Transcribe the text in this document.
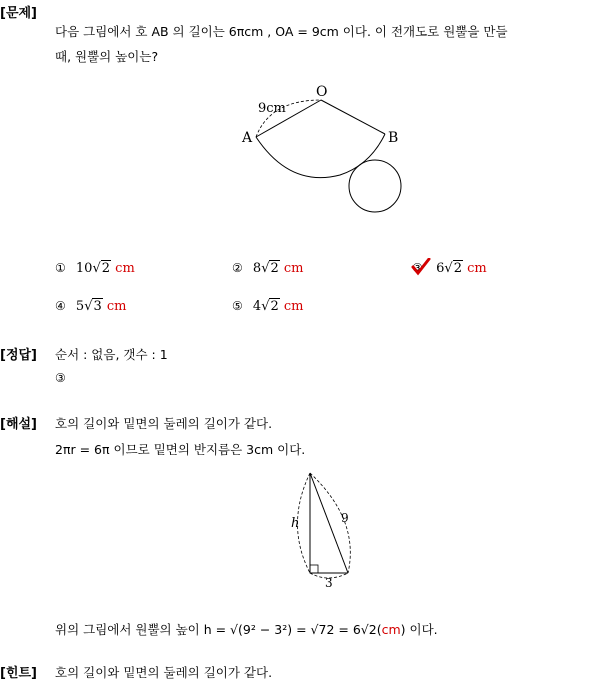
[문제]
다음 그림에서 호 AB 의 길이는 6πcm , OA = 9cm 이다. 이 전개도로 원뿔을 만들
때, 원뿔의 높이는?
O
A	B
9cm
① 10√2 cm	② 8√2 cm	③ 6√2 cm
④ 5√3 cm	⑤ 4√2 cm
[정답] 순서 : 없음, 갯수 : 1
③
[해설] 호의 길이와 밑면의 둘레의 길이가 같다.
2πr = 6π 이므로 밑면의 반지름은 3cm 이다.
h	9
3
위의 그림에서 원뿔의 높이 h = √(9² − 3²) = √72 = 6√2(cm) 이다.
[힌트] 호의 길이와 밑면의 둘레의 길이가 같다.
